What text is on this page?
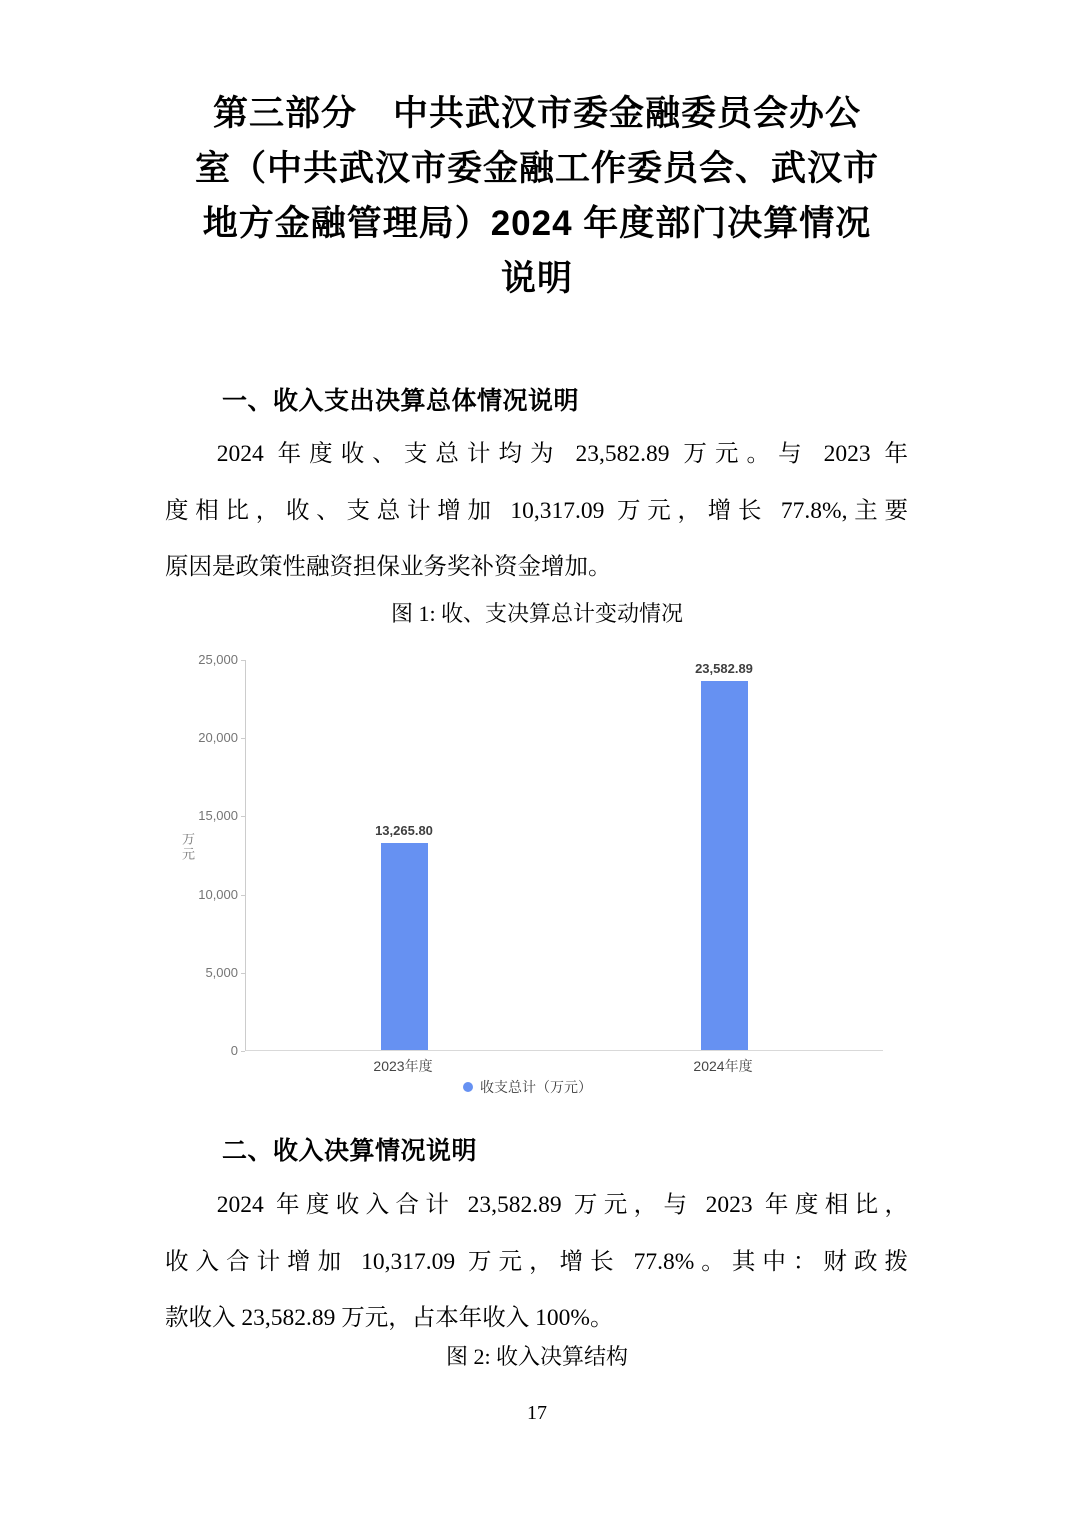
第三部分　中共武汉市委金融委员会办公
室（中共武汉市委金融工作委员会、武汉市
地方金融管理局）2024 年度部门决算情况
说明
一、收入支出决算总体情况说明
2024 年度收、支总计均为 23,582.89 万元。与 2023 年
度相比，收、支总计增加 10,317.09 万元，增长 77.8%,主要
原因是政策性融资担保业务奖补资金增加。
图 1: 收、支决算总计变动情况
25,000
20,000
15,000
10,000
5,000
0
万元
13,265.80
23,582.89
2023年度	2024年度
收支总计（万元）
二、收入决算情况说明
2024 年度收入合计 23,582.89 万元，与 2023 年度相比，
收入合计增加 10,317.09 万元，增长 77.8%。其中：财政拨
款收入 23,582.89 万元，占本年收入 100%。
图 2: 收入决算结构
17
